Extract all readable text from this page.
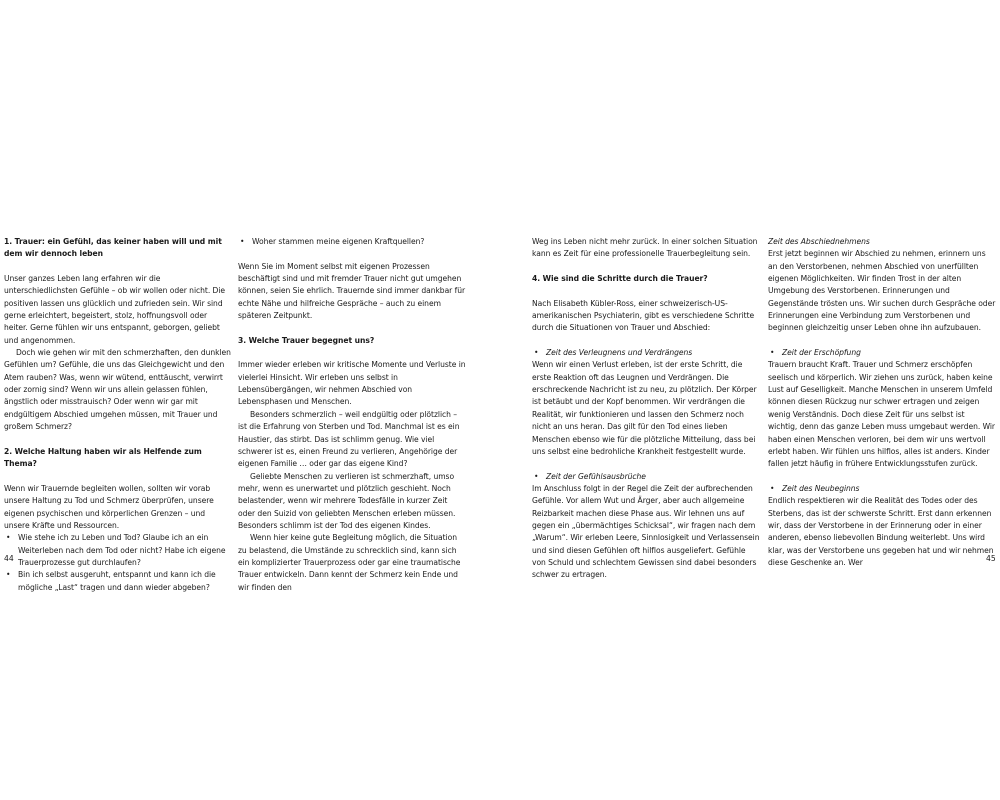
1. Trauer: ein Gefühl, das keiner haben will und mit dem wir dennoch leben

Unser ganzes Leben lang erfahren wir die unterschiedlichsten Gefühle – ob wir wollen oder nicht. Die positiven lassen uns glücklich und zufrieden sein. Wir sind gerne erleichtert, begeistert, stolz, hoffnungsvoll oder heiter. Gerne fühlen wir uns entspannt, geborgen, geliebt und angenommen.

Doch wie gehen wir mit den schmerzhaften, den dunklen Gefühlen um? Gefühle, die uns das Gleichgewicht und den Atem rauben? Was, wenn wir wütend, enttäuscht, verwirrt oder zornig sind? Wenn wir uns allein gelassen fühlen, ängstlich oder misstrauisch? Oder wenn wir gar mit endgültigem Abschied umgehen müssen, mit Trauer und großem Schmerz?

2. Welche Haltung haben wir als Helfende zum Thema?

Wenn wir Trauernde begleiten wollen, sollten wir vorab unsere Haltung zu Tod und Schmerz überprüfen, unsere eigenen psychischen und körperlichen Grenzen – und unsere Kräfte und Ressourcen.

• Wie stehe ich zu Leben und Tod? Glaube ich an ein Weiterleben nach dem Tod oder nicht? Habe ich eigene Trauerprozesse gut durchlaufen?
• Bin ich selbst ausgeruht, entspannt und kann ich die mögliche „Last“ tragen und dann wieder abgeben?
• Woher stammen meine eigenen Kraftquellen?

Wenn Sie im Moment selbst mit eigenen Prozessen beschäftigt sind und mit fremder Trauer nicht gut umgehen können, seien Sie ehrlich. Trauernde sind immer dankbar für echte Nähe und hilfreiche Gespräche – auch zu einem späteren Zeitpunkt.

3. Welche Trauer begegnet uns?

Immer wieder erleben wir kritische Momente und Verluste in vielerlei Hinsicht. Wir erleben uns selbst in Lebensübergängen, wir nehmen Abschied von Lebensphasen und Menschen.

Besonders schmerzlich – weil endgültig oder plötzlich – ist die Erfahrung von Sterben und Tod. Manchmal ist es ein Haustier, das stirbt. Das ist schlimm genug. Wie viel schwerer ist es, einen Freund zu verlieren, Angehörige der eigenen Familie … oder gar das eigene Kind?

Geliebte Menschen zu verlieren ist schmerzhaft, umso mehr, wenn es unerwartet und plötzlich geschieht. Noch belastender, wenn wir mehrere Todesfälle in kurzer Zeit oder den Suizid von geliebten Menschen erleben müssen. Besonders schlimm ist der Tod des eigenen Kindes.

Wenn hier keine gute Begleitung möglich, die Situation zu belastend, die Umstände zu schrecklich sind, kann sich ein komplizierter Trauerprozess oder gar eine traumatische Trauer entwickeln. Dann kennt der Schmerz kein Ende und wir finden den

44

Weg ins Leben nicht mehr zurück. In einer solchen Situation kann es Zeit für eine professionelle Trauerbegleitung sein.

4. Wie sind die Schritte durch die Trauer?

Nach Elisabeth Kübler-Ross, einer schweizerisch-US-amerikanischen Psychiaterin, gibt es verschiedene Schritte durch die Situationen von Trauer und Abschied:

• Zeit des Verleugnens und Verdrängens

Wenn wir einen Verlust erleben, ist der erste Schritt, die erste Reaktion oft das Leugnen und Verdrängen. Die erschreckende Nachricht ist zu neu, zu plötzlich. Der Körper ist betäubt und der Kopf benommen. Wir verdrängen die Realität, wir funktionieren und lassen den Schmerz noch nicht an uns heran. Das gilt für den Tod eines lieben Menschen ebenso wie für die plötzliche Mitteilung, dass bei uns selbst eine bedrohliche Krankheit festgestellt wurde.

• Zeit der Gefühlsausbrüche

Im Anschluss folgt in der Regel die Zeit der aufbrechenden Gefühle. Vor allem Wut und Ärger, aber auch allgemeine Reizbarkeit machen diese Phase aus. Wir lehnen uns auf gegen ein „übermächtiges Schicksal“, wir fragen nach dem „Warum“. Wir erleben Leere, Sinnlosigkeit und Verlassensein und sind diesen Gefühlen oft hilflos ausgeliefert. Gefühle von Schuld und schlechtem Gewissen sind dabei besonders schwer zu ertragen.

Zeit des Abschiednehmens

Erst jetzt beginnen wir Abschied zu nehmen, erinnern uns an den Verstorbenen, nehmen Abschied von unerfüllten eigenen Möglichkeiten. Wir finden Trost in der alten Umgebung des Verstorbenen. Erinnerungen und Gegenstände trösten uns. Wir suchen durch Gespräche oder Erinnerungen eine Verbindung zum Verstorbenen und beginnen gleichzeitig unser Leben ohne ihn aufzubauen.

• Zeit der Erschöpfung

Trauern braucht Kraft. Trauer und Schmerz erschöpfen seelisch und körperlich. Wir ziehen uns zurück, haben keine Lust auf Geselligkeit. Manche Menschen in unserem Umfeld können diesen Rückzug nur schwer ertragen und zeigen wenig Verständnis. Doch diese Zeit für uns selbst ist wichtig, denn das ganze Leben muss umgebaut werden. Wir haben einen Menschen verloren, bei dem wir uns wertvoll erlebt haben. Wir fühlen uns hilflos, alles ist anders. Kinder fallen jetzt häufig in frühere Entwicklungsstufen zurück.

• Zeit des Neubeginns

Endlich respektieren wir die Realität des Todes oder des Sterbens, das ist der schwerste Schritt. Erst dann erkennen wir, dass der Verstorbene in der Erinnerung oder in einer anderen, ebenso liebevollen Bindung weiterlebt. Uns wird klar, was der Verstorbene uns gegeben hat und wir nehmen diese Geschenke an. Wer	45
